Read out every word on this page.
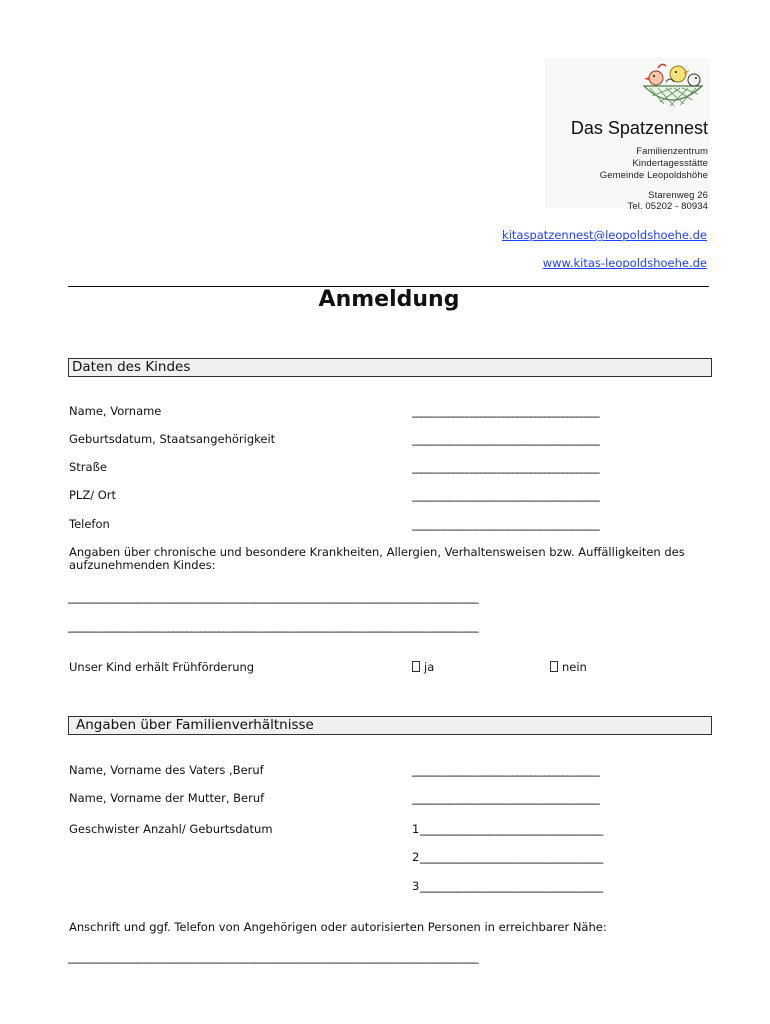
Das Spatzennest
Familienzentrum
Kindertagesstätte
Gemeinde Leopoldshöhe
Starenweg 26
Tel. 05202 - 80934
kitaspatzennest@leopoldshoehe.de
www.kitas-leopoldshoehe.de
Anmeldung
Daten des Kindes
Name, Vorname	_________________________________________
Geburtsdatum, Staatsangehörigkeit	_________________________________________
Straße	_________________________________________
PLZ/ Ort	_________________________________________
Telefon	_________________________________________
Angaben über chronische und besondere Krankheiten, Allergien, Verhaltensweisen bzw. Auffälligkeiten des aufzunehmenden Kindes:
__________________________________________________________________________________________
__________________________________________________________________________________________
Unser Kind erhält Frühförderung	ja	nein
Angaben über Familienverhältnisse
Name, Vorname des Vaters ,Beruf	_________________________________________
Name, Vorname der Mutter, Beruf	_________________________________________
Geschwister Anzahl/ Geburtsdatum	1 ________________________________________
2 ________________________________________
3 ________________________________________
Anschrift und ggf. Telefon von Angehörigen oder autorisierten Personen in erreichbarer Nähe:
__________________________________________________________________________________________
